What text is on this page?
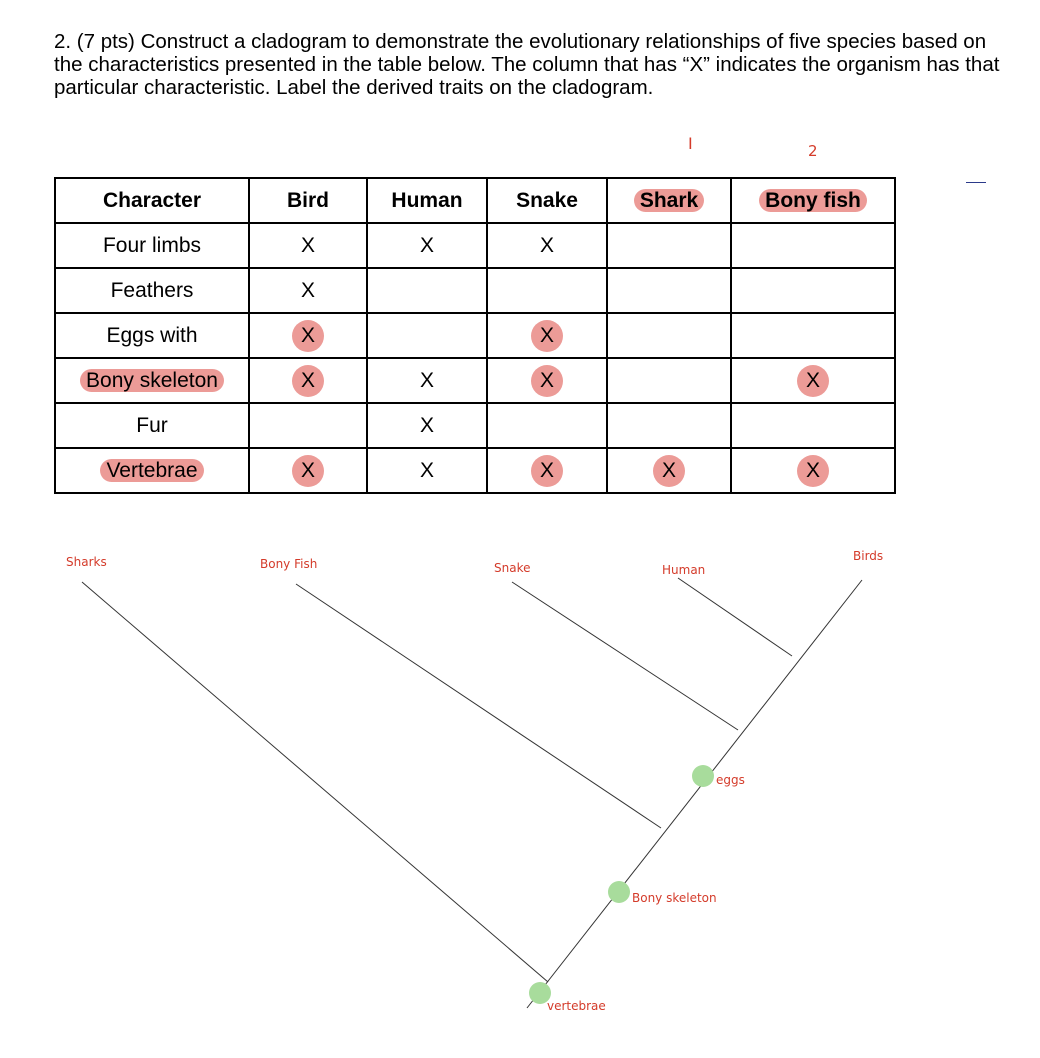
2. (7 pts) Construct a cladogram to demonstrate the evolutionary relationships of five species based on the characteristics presented in the table below. The column that has “X” indicates the organism has that particular characteristic. Label the derived traits on the cladogram.
I	2
Character	Bird	Human	Snake	Shark	Bony fish
Four limbs	X	X	X		
Feathers	X				
Eggs with	X		X		
Bony skeleton	X	X	X		X
Fur		X			
Vertebrae	X	X	X	X	X
Sharks	Bony Fish	Snake	Human
Birds
vertebrae
Bony skeleton
eggs
